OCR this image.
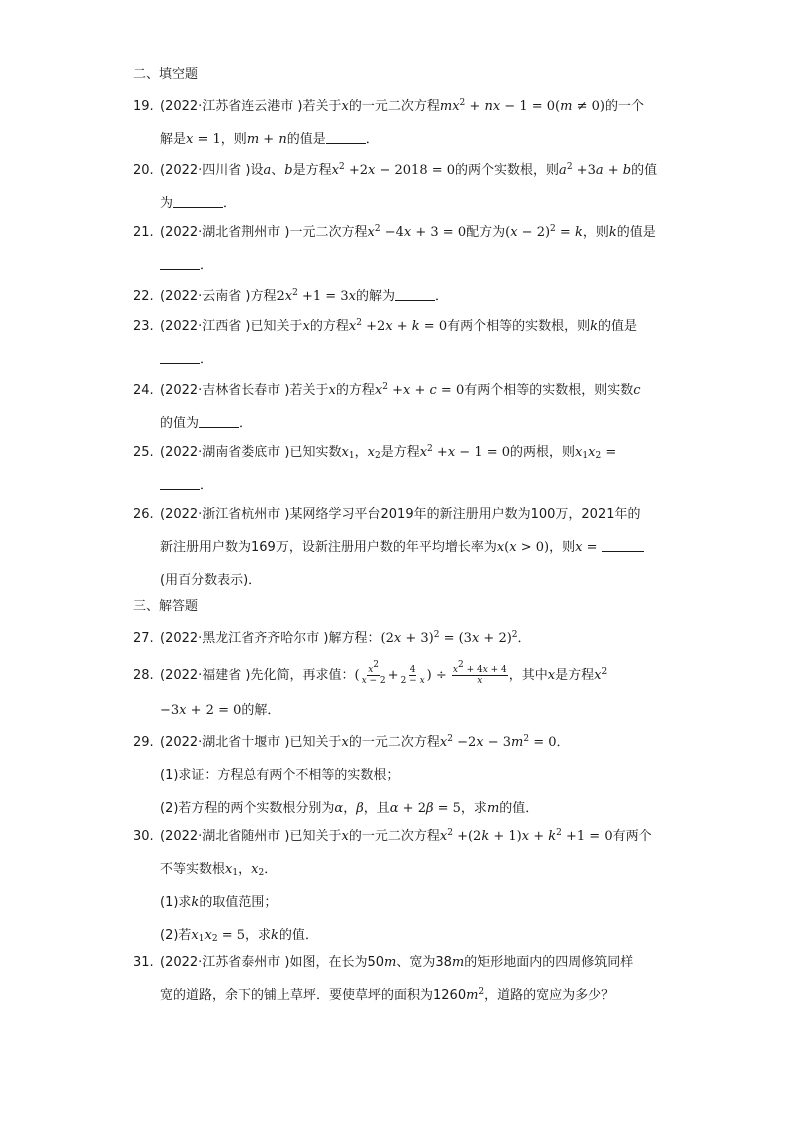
二、填空题
19. (2022·江苏省连云港市 )若关于x的一元二次方程$mx^2$ + nx − 1 = 0(m ≠ 0)的一个
解是x = 1，则m + n的值是	．
20. (2022·四川省 )设a、b是方程$x^2 +2x - 2018 = 0$的两个实数根，则$a^2 +3a + b$的值
为	．
21. (2022·湖北省荆州市 )一元二次方程$x^2 -4x + 3 = 0$配方为$(x - 2)^2 = k$，则k的值是
．
22. (2022·云南省 )方程$2x^2 +1 = 3x$的解为	．
23. (2022·江西省 )已知关于x的方程$x^2 +2x + k = 0$有两个相等的实数根，则k的值是
．
24. (2022·吉林省长春市 )若关于x的方程$x^2 +x + c = 0$有两个相等的实数根，则实数c
的值为	．
25. (2022·湖南省娄底市 )已知实数$x_1$，$x_2$是方程$x^2 +x - 1 = 0$的两根，则$x_1x_2$ =
．
26. (2022·浙江省杭州市 )某网络学习平台2019年的新注册用户数为100万，2021年的
新注册用户数为169万，设新注册用户数的年平均增长率为x(x > 0)，则x =
(用百分数表示)．
三、解答题
27. (2022·黑龙江省齐齐哈尔市 )解方程：$(2x + 3)^2 = (3x + 2)^2$．
28. (2022·福建省 )先化简，再求值：( $\frac{x^2}{x - 2} + \frac{4}{2 - x}$ ) ÷ $\frac{x^2 + 4x + 4}{x}$ ，其中x是方程$x^2$
−3x + 2 = 0的解．
29. (2022·湖北省十堰市 )已知关于x的一元二次方程$x^2 -2x - 3m^2 = 0$．
(1)求证：方程总有两个不相等的实数根；
(2)若方程的两个实数根分别为α，β，且α + 2β = 5，求m的值．
30. (2022·湖北省随州市 )已知关于x的一元二次方程$x^2 +(2k + 1)x + k^2 +1 = 0$有两个
不等实数根$x_1$，$x_2$．
(1)求k的取值范围；
(2)若$x_1x_2 = 5$，求k的值．
31. (2022·江苏省泰州市 )如图，在长为50m、宽为38m的矩形地面内的四周修筑同样
宽的道路，余下的铺上草坪．要使草坪的面积为$1260m^2$，道路的宽应为多少？
